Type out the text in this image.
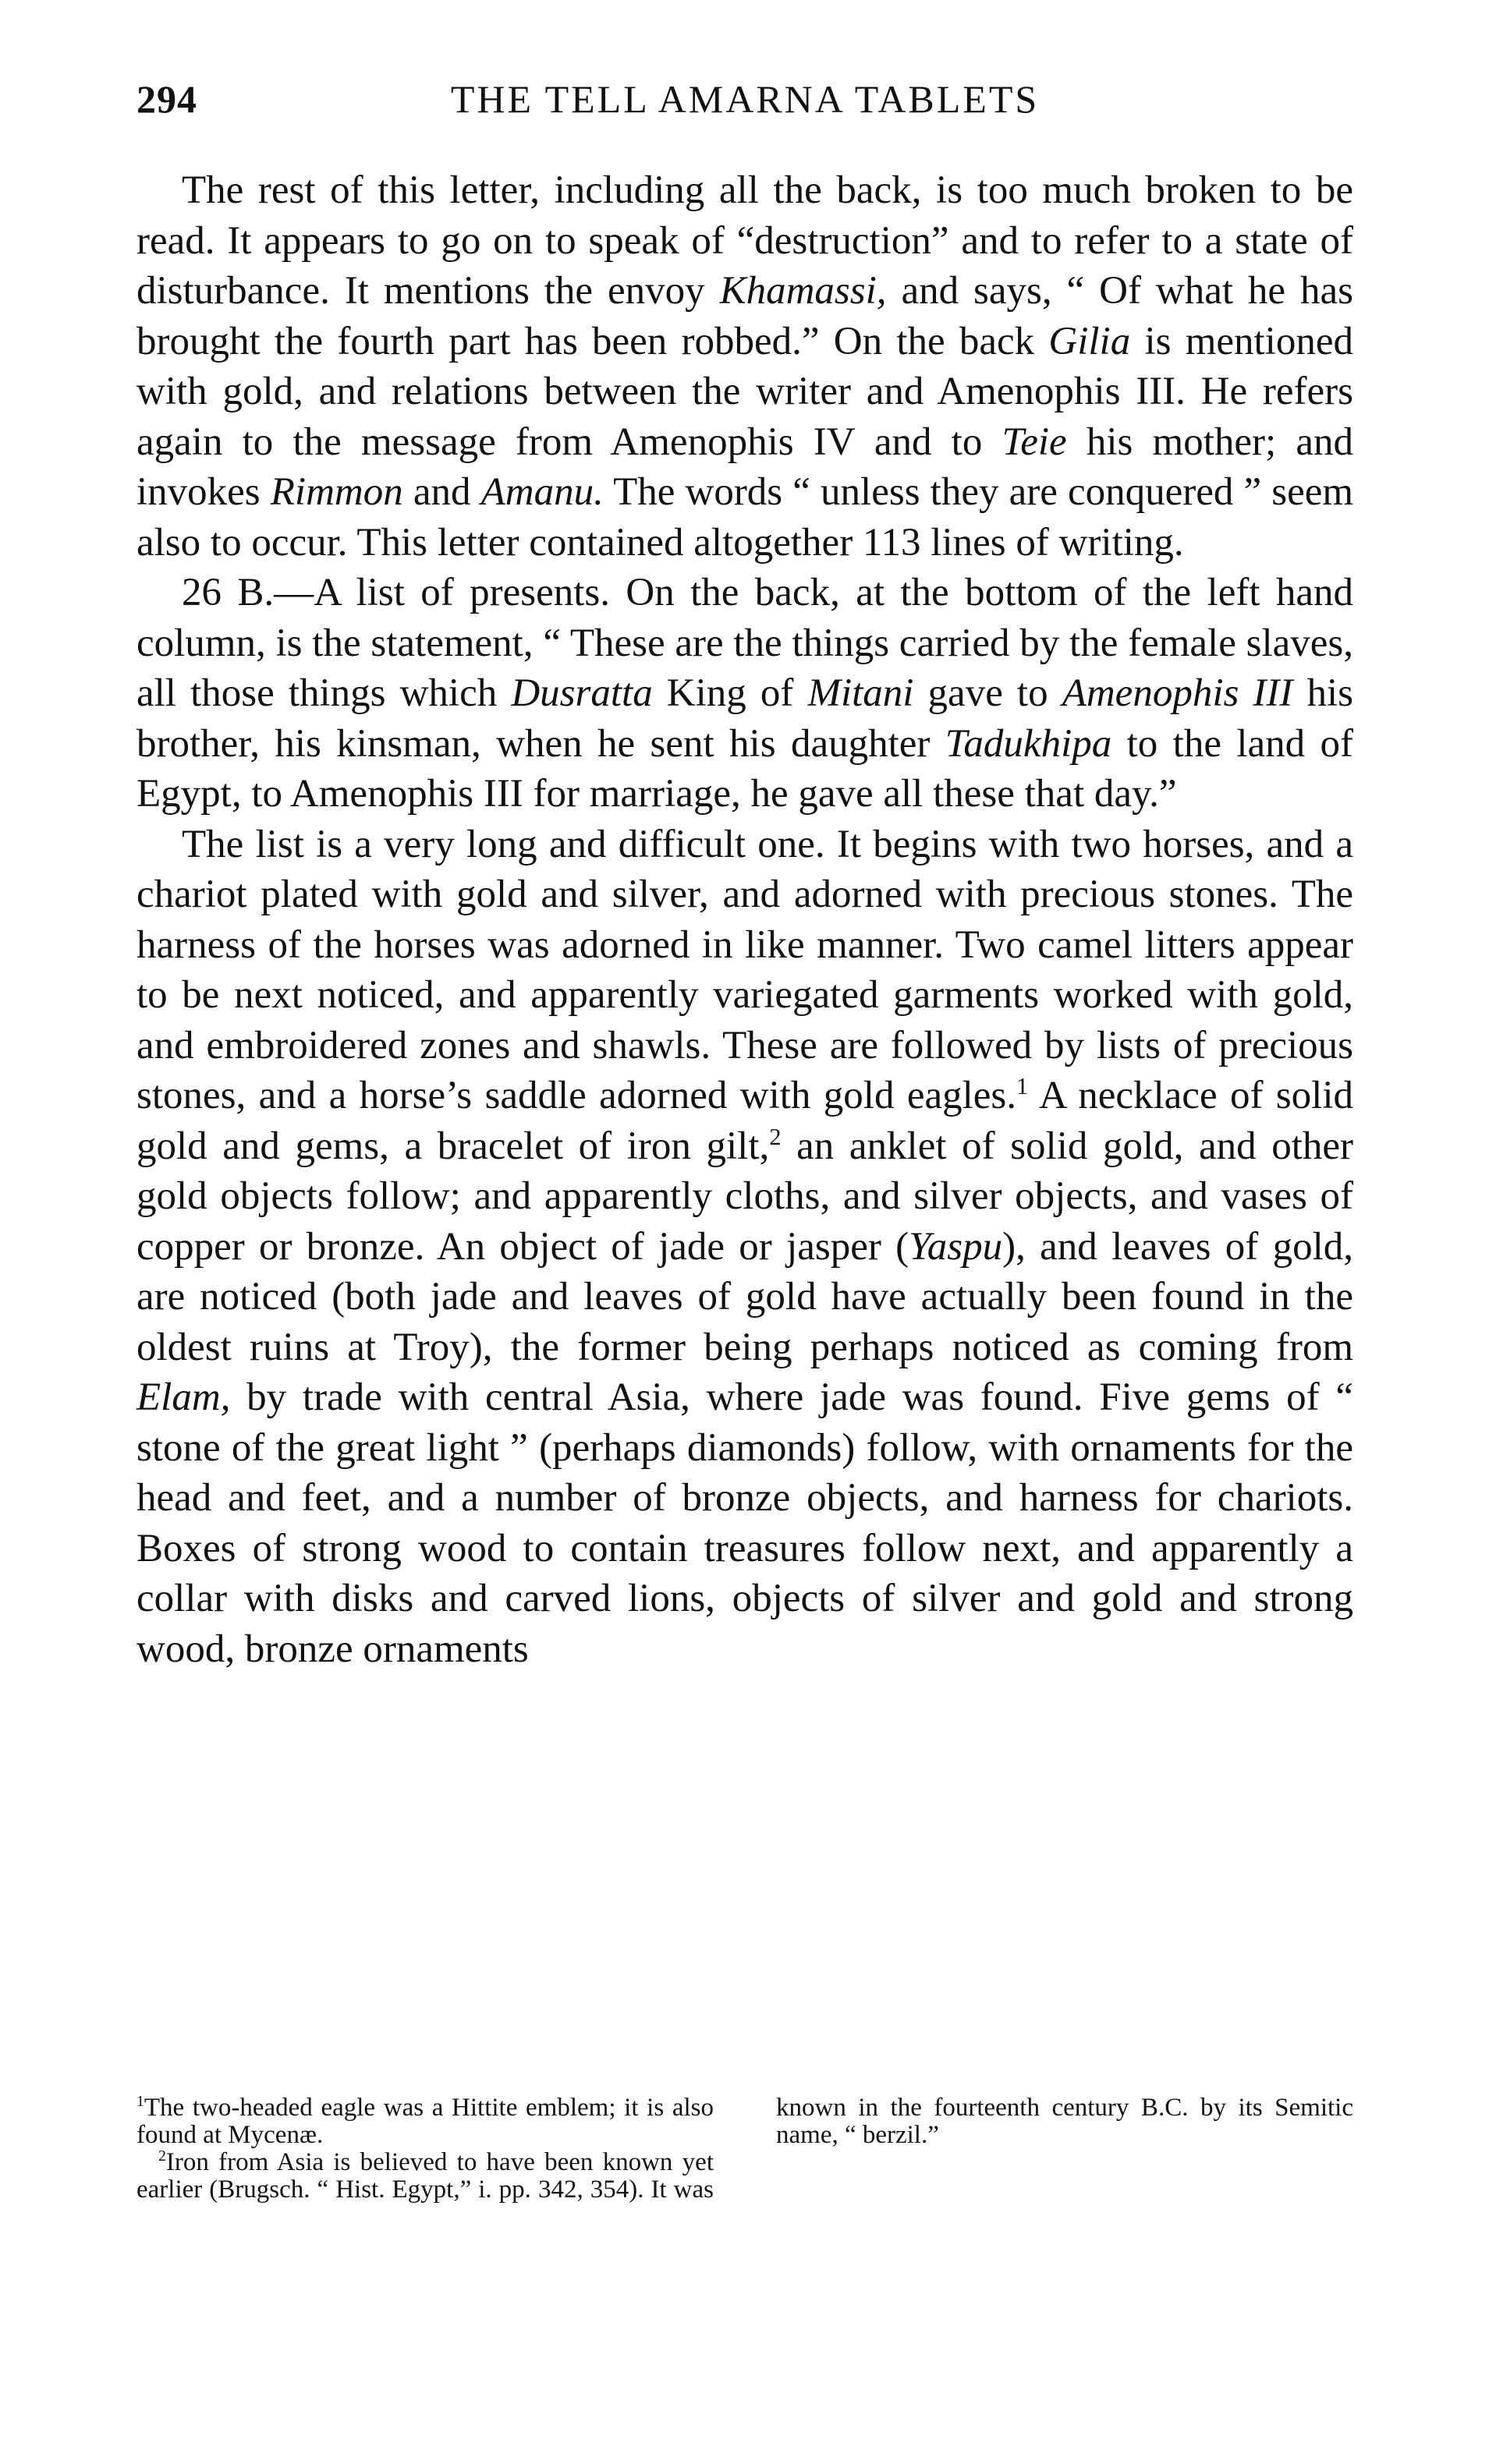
294	THE TELL AMARNA TABLETS

The rest of this letter, including all the back, is too much broken to be read. It appears to go on to speak of “destruction” and to refer to a state of disturbance. It mentions the envoy Khamassi, and says, “ Of what he has brought the fourth part has been robbed.” On the back Gilia is mentioned with gold, and relations between the writer and Amenophis III. He refers again to the message from Amenophis IV and to Teie his mother; and invokes Rimmon and Amanu. The words “ unless they are conquered ” seem also to occur. This letter contained altogether 113 lines of writing.

26 B.—A list of presents. On the back, at the bottom of the left hand column, is the statement, “ These are the things carried by the female slaves, all those things which Dusratta King of Mitani gave to Amenophis III his brother, his kinsman, when he sent his daughter Tadukhipa to the land of Egypt, to Amenophis III for marriage, he gave all these that day.”

The list is a very long and difficult one. It begins with two horses, and a chariot plated with gold and silver, and adorned with precious stones. The harness of the horses was adorned in like manner. Two camel litters appear to be next noticed, and apparently variegated garments worked with gold, and embroidered zones and shawls. These are followed by lists of precious stones, and a horse’s saddle adorned with gold eagles.$^1$ A necklace of solid gold and gems, a bracelet of iron gilt,$^2$ an anklet of solid gold, and other gold objects follow; and apparently cloths, and silver objects, and vases of copper or bronze. An object of jade or jasper (Yaspu), and leaves of gold, are noticed (both jade and leaves of gold have actually been found in the oldest ruins at Troy), the former being perhaps noticed as coming from Elam, by trade with central Asia, where jade was found. Five gems of “ stone of the great light ” (perhaps diamonds) follow, with ornaments for the head and feet, and a number of bronze objects, and harness for chariots. Boxes of strong wood to contain treasures follow next, and apparently a collar with disks and carved lions, objects of silver and gold and strong wood, bronze ornaments

$^1$The two-headed eagle was a Hittite emblem; it is also found at Mycenæ.

$^2$Iron from Asia is believed to have been known yet earlier (Brugsch. “ Hist. Egypt,” i. pp. 342, 354). It was known in the fourteenth century B.C. by its Semitic name, “ berzil.”
